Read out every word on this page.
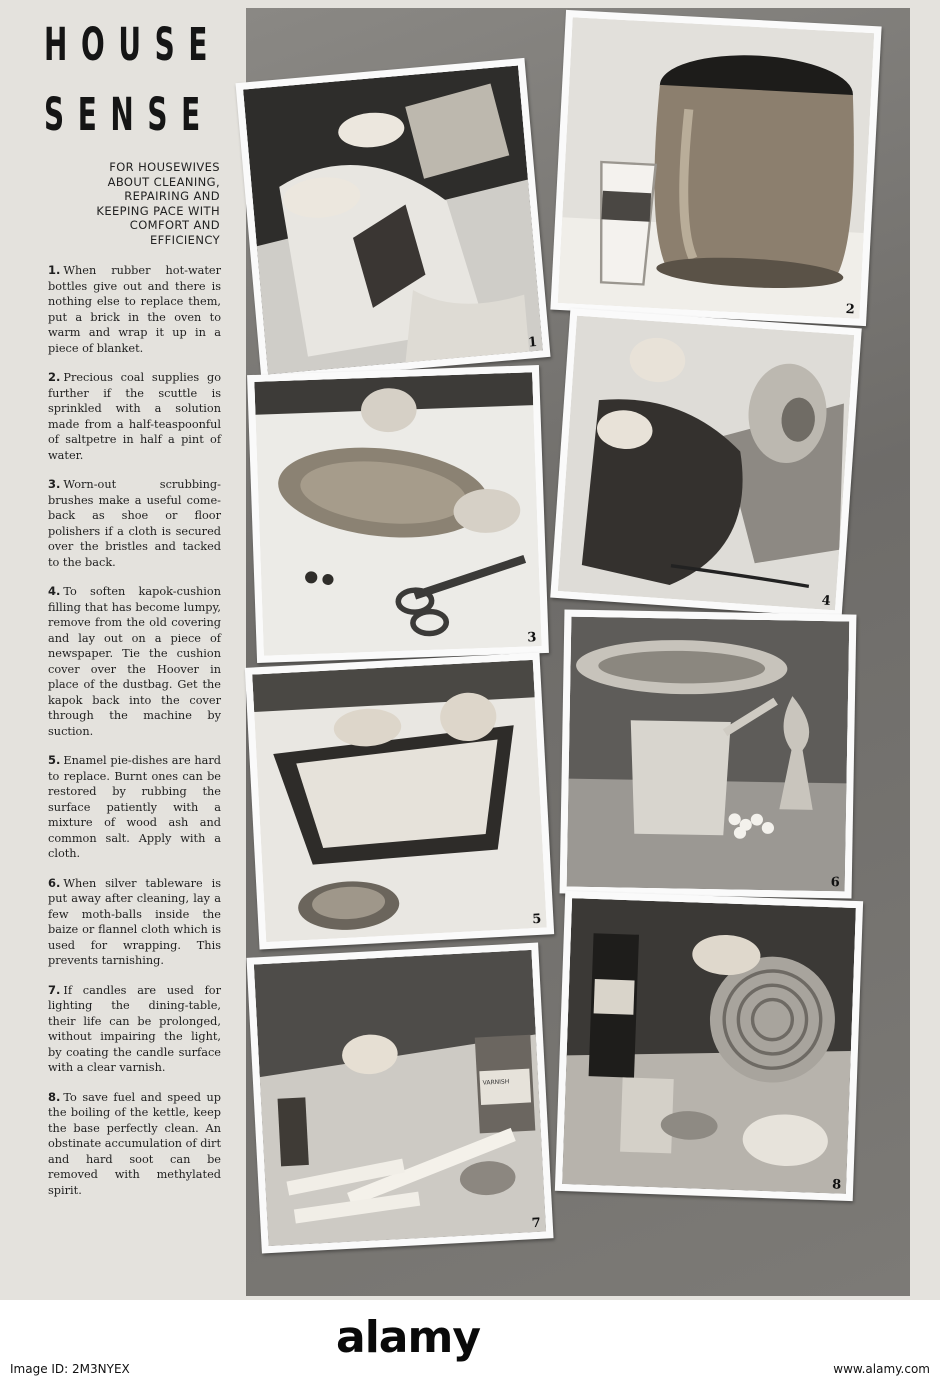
HOUSE
SENSE
FOR HOUSEWIVES ABOUT CLEANING, REPAIRING AND KEEPING PACE WITH COMFORT AND EFFICIENCY

1. When rubber hot-water bottles give out and there is nothing else to replace them, put a brick in the oven to warm and wrap it up in a piece of blanket.

2. Precious coal supplies go further if the scuttle is sprinkled with a solution made from a half-teaspoonful of saltpetre in half a pint of water.

3. Worn-out scrubbing-brushes make a useful come-back as shoe or floor polishers if a cloth is secured over the bristles and tacked to the back.

4. To soften kapok-cushion filling that has become lumpy, remove from the old covering and lay out on a piece of newspaper. Tie the cushion cover over the Hoover in place of the dustbag. Get the kapok back into the cover through the machine by suction.

5. Enamel pie-dishes are hard to replace. Burnt ones can be restored by rubbing the surface patiently with a mixture of wood ash and common salt. Apply with a cloth.

6. When silver tableware is put away after cleaning, lay a few moth-balls inside the baize or flannel cloth which is used for wrapping. This prevents tarnishing.

7. If candles are used for lighting the dining-table, their life can be prolonged, without impairing the light, by coating the candle surface with a clear varnish.

8. To save fuel and speed up the boiling of the kettle, keep the base perfectly clean. An obstinate accumulation of dirt and hard soot can be removed with methylated spirit.

1
2
3
4
5
6
VARNISH
7
8
alamy
Image ID: 2M3NYEX	www.alamy.com
